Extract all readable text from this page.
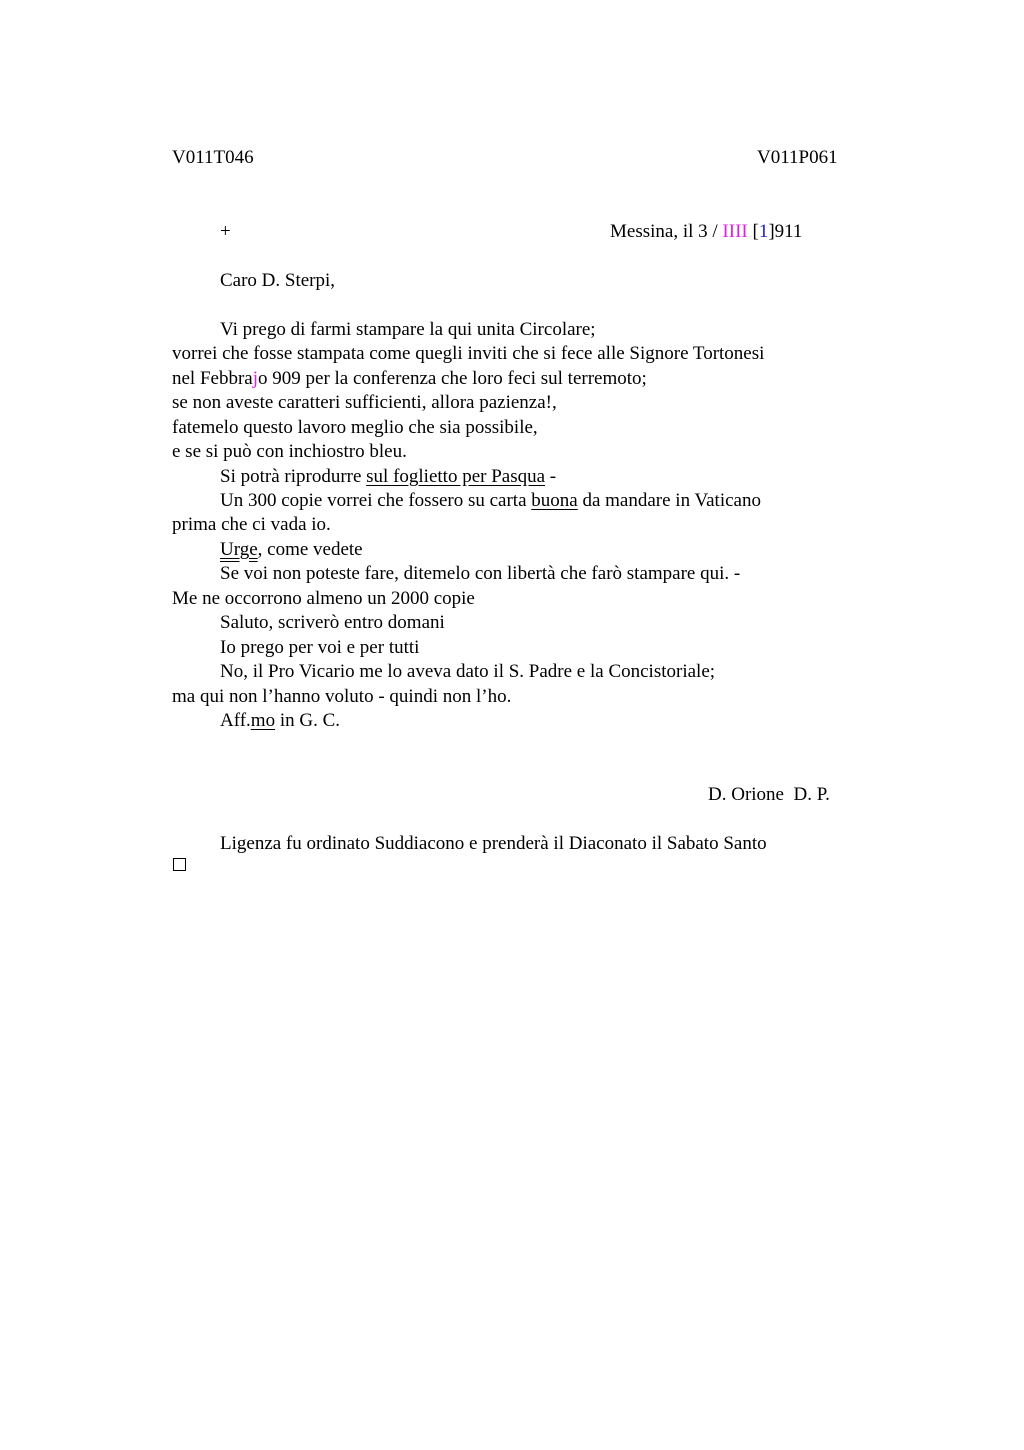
V011T046	V011P061
+	Messina, il 3 / IIII [1]911
Caro D. Sterpi,
Vi prego di farmi stampare la qui unita Circolare;
vorrei che fosse stampata come quegli inviti che si fece alle Signore Tortonesi
nel Febbrajo 909 per la conferenza che loro feci sul terremoto;
se non aveste caratteri sufficienti, allora pazienza!,
fatemelo questo lavoro meglio che sia possibile,
e se si può con inchiostro bleu.
Si potrà riprodurre sul foglietto per Pasqua -
Un 300 copie vorrei che fossero su carta buona da mandare in Vaticano
prima che ci vada io.
Urge, come vedete
Se voi non poteste fare, ditemelo con libertà che farò stampare qui. -
Me ne occorrono almeno un 2000 copie
Saluto, scriverò entro domani
Io prego per voi e per tutti
No, il Pro Vicario me lo aveva dato il S. Padre e la Concistoriale;
ma qui non l’hanno voluto - quindi non l’ho.
Aff.mo in G. C.
D. Orione  D. P.
Ligenza fu ordinato Suddiacono e prenderà il Diaconato il Sabato Santo
